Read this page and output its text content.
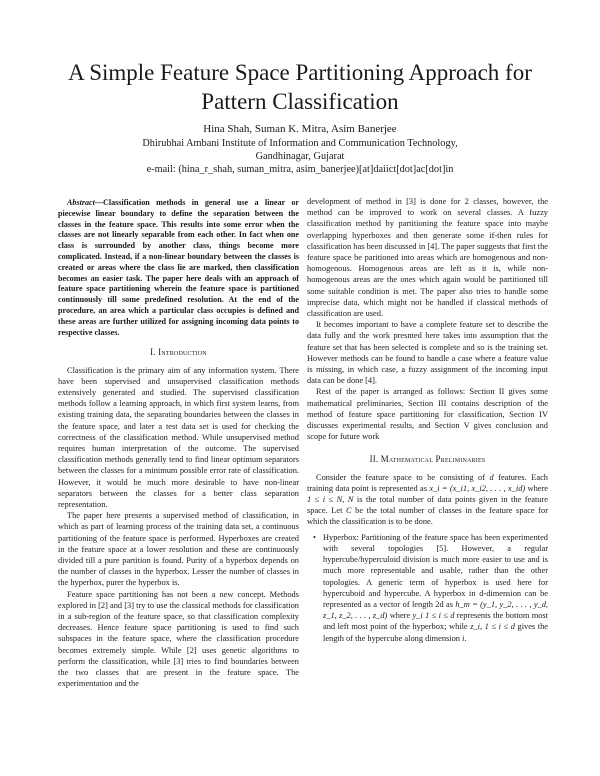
A Simple Feature Space Partitioning Approach for Pattern Classification
Hina Shah, Suman K. Mitra, Asim Banerjee
Dhirubhai Ambani Institute of Information and Communication Technology,
Gandhinagar, Gujarat
e-mail: (hina_r_shah, suman_mitra, asim_banerjee)[at]daiict[dot]ac[dot]in

Abstract—Classification methods in general use a linear or piecewise linear boundary to define the separation between the classes in the feature space. This results into some error when the classes are not linearly separable from each other. In fact when one class is surrounded by another class, things become more complicated. Instead, if a non-linear boundary between the classes is created or areas where the class lie are marked, then classification becomes an easier task. The paper here deals with an approach of feature space partitioning wherein the feature space is partitioned continuously till some predefined resolution. At the end of the procedure, an area which a particular class occupies is defined and these areas are further utilized for assigning incoming data points to respective classes.

I. Introduction

Classification is the primary aim of any information system. There have been supervised and unsupervised classification methods extensively generated and studied. The supervised classification methods follow a learning approach, in which first system learns, from existing training data, the separating boundaries between the classes in the feature space, and later a test data set is used for checking the correctness of the classification method. While unsupervised method requires human interpretation of the outcome. The supervised classification methods generally tend to find linear optimum separators between the classes for a minimum possible error rate of classification. However, it would be much more desirable to have non-linear separators between the classes for a better class separation representation.

The paper here presents a supervised method of classification, in which as part of learning process of the training data set, a continuous partitioning of the feature space is performed. Hyperboxes are created in the feature space at a lower resolution and these are continuously divided till a pure partition is found. Purity of a hyperbox depends on the number of classes in the hyperbox. Lesser the number of classes in the hyperbox, purer the hyperbox is.

Feature space partitioning has not been a new concept. Methods explored in [2] and [3] try to use the classical methods for classification in a sub-region of the feature space, so that classification complexity decreases. Hence feature space partitioning is used to find such subspaces in the feature space, where the classification procedure becomes extremely simple. While [2] uses genetic algorithms to perform the classification, while [3] tries to find boundaries between the two classes that are present in the feature space. The experimentation and the

development of method in [3] is done for 2 classes, however, the method can be improved to work on several classes. A fuzzy classification method by partitioning the feature space into maybe overlapping hyperboxes and then generate some if-then rules for classification has been discussed in [4]. The paper suggests that first the feature space be paritioned into areas which are homogenous and non-homogenous. Homogenous areas are left as it is, while non-homogenous areas are the ones which again would be partitioned till some suitable condition is met. The paper also tries to handle some imprecise data, which might not be handled if classical methods of classification are used.

It becomes important to have a complete feature set to describe the data fully and the work presnted here takes into assumption that the feature set that has been selected is complete and so is the training set. However methods can be found to handle a case where a feature value is missing, in which case, a fuzzy assignment of the incoming input data can be done [4].

Rest of the paper is arranged as follows: Section II gives some mathematical preliminaries, Section III contains description of the method of feature space partitioning for classification, Section IV discusses experimental results, and Section V gives conclusion and scope for future work

II. Mathematical Preliminaries

Consider the feature space to be consisting of d features. Each training data point is represented as x_i = (x_i1, x_i2, . . . , x_id) where 1 ≤ i ≤ N, N is the total number of data points given in the feature space. Let C be the total number of classes in the feature space for which the classification is to be done.

• Hyperbox: Partitioning of the feature space has been experimented with several topologies [5]. However, a regular hypercube/hyperculoid division is much more easier to use and is much more representable and usable, rather than the other topologies. A generic term of hyperbox is used here for hypercuboid and hypercube. A hyperbox in d-dimension can be represented as a vector of length 2d as h_m = (y_1, y_2, . . . , y_d, z_1, z_2, . . . , z_d) where y_i 1 ≤ i ≤ d represents the bottom most and left most point of the hyperbox; while z_i, 1 ≤ i ≤ d gives the length of the hypercube along dimension i.
